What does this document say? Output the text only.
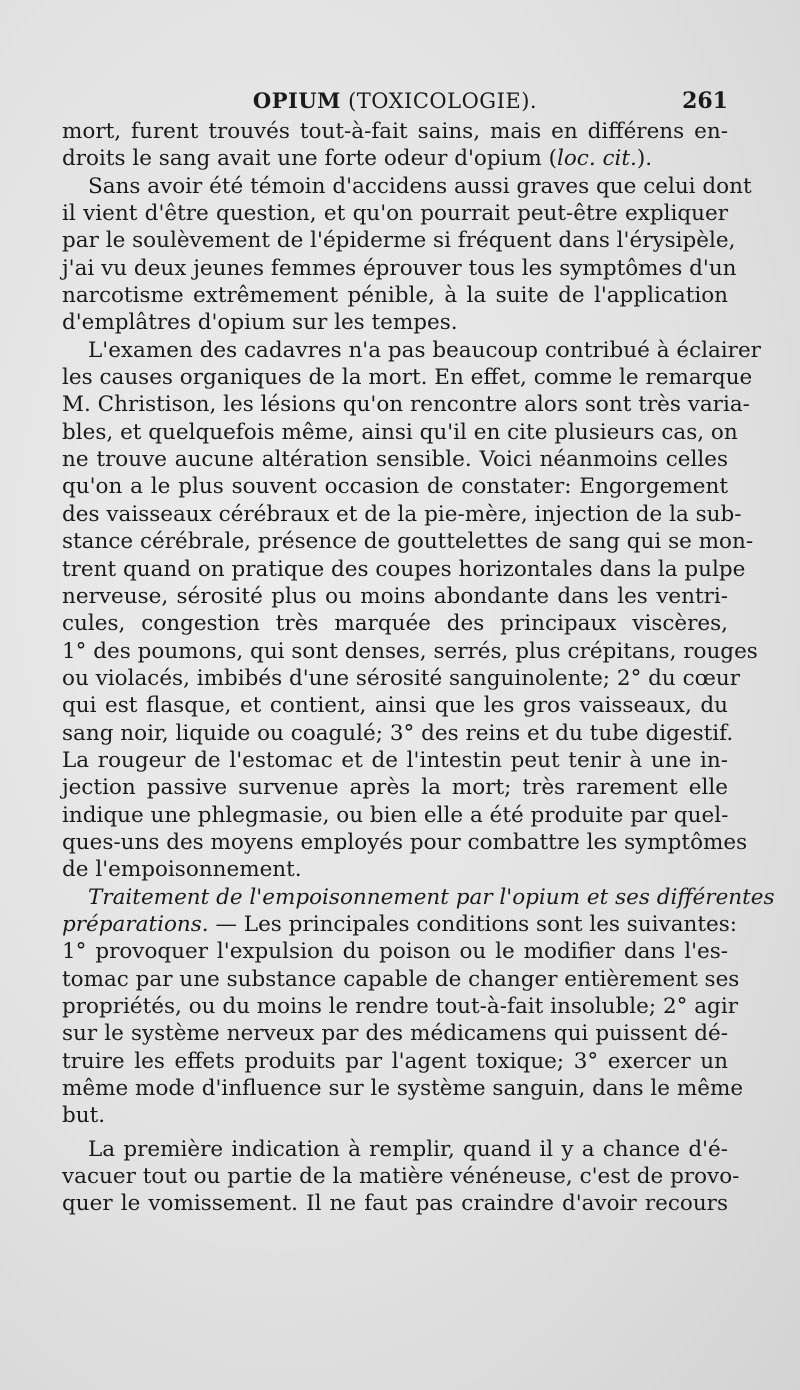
OPIUM (TOXICOLOGIE).	261
mort, furent trouvés tout-à-fait sains, mais en différens en-
droits le sang avait une forte odeur d'opium (loc. cit.).
Sans avoir été témoin d'accidens aussi graves que celui dont
il vient d'être question, et qu'on pourrait peut-être expliquer
par le soulèvement de l'épiderme si fréquent dans l'érysipèle,
j'ai vu deux jeunes femmes éprouver tous les symptômes d'un
narcotisme extrêmement pénible, à la suite de l'application
d'emplâtres d'opium sur les tempes.
L'examen des cadavres n'a pas beaucoup contribué à éclairer
les causes organiques de la mort. En effet, comme le remarque
M. Christison, les lésions qu'on rencontre alors sont très varia-
bles, et quelquefois même, ainsi qu'il en cite plusieurs cas, on
ne trouve aucune altération sensible. Voici néanmoins celles
qu'on a le plus souvent occasion de constater: Engorgement
des vaisseaux cérébraux et de la pie-mère, injection de la sub-
stance cérébrale, présence de gouttelettes de sang qui se mon-
trent quand on pratique des coupes horizontales dans la pulpe
nerveuse, sérosité plus ou moins abondante dans les ventri-
cules, congestion très marquée des principaux viscères,
1° des poumons, qui sont denses, serrés, plus crépitans, rouges
ou violacés, imbibés d'une sérosité sanguinolente; 2° du cœur
qui est flasque, et contient, ainsi que les gros vaisseaux, du
sang noir, liquide ou coagulé; 3° des reins et du tube digestif.
La rougeur de l'estomac et de l'intestin peut tenir à une in-
jection passive survenue après la mort; très rarement elle
indique une phlegmasie, ou bien elle a été produite par quel-
ques-uns des moyens employés pour combattre les symptômes
de l'empoisonnement.
Traitement de l'empoisonnement par l'opium et ses différentes
préparations. — Les principales conditions sont les suivantes:
1° provoquer l'expulsion du poison ou le modifier dans l'es-
tomac par une substance capable de changer entièrement ses
propriétés, ou du moins le rendre tout-à-fait insoluble; 2° agir
sur le système nerveux par des médicamens qui puissent dé-
truire les effets produits par l'agent toxique; 3° exercer un
même mode d'influence sur le système sanguin, dans le même
but.
La première indication à remplir, quand il y a chance d'é-
vacuer tout ou partie de la matière vénéneuse, c'est de provo-
quer le vomissement. Il ne faut pas craindre d'avoir recours
